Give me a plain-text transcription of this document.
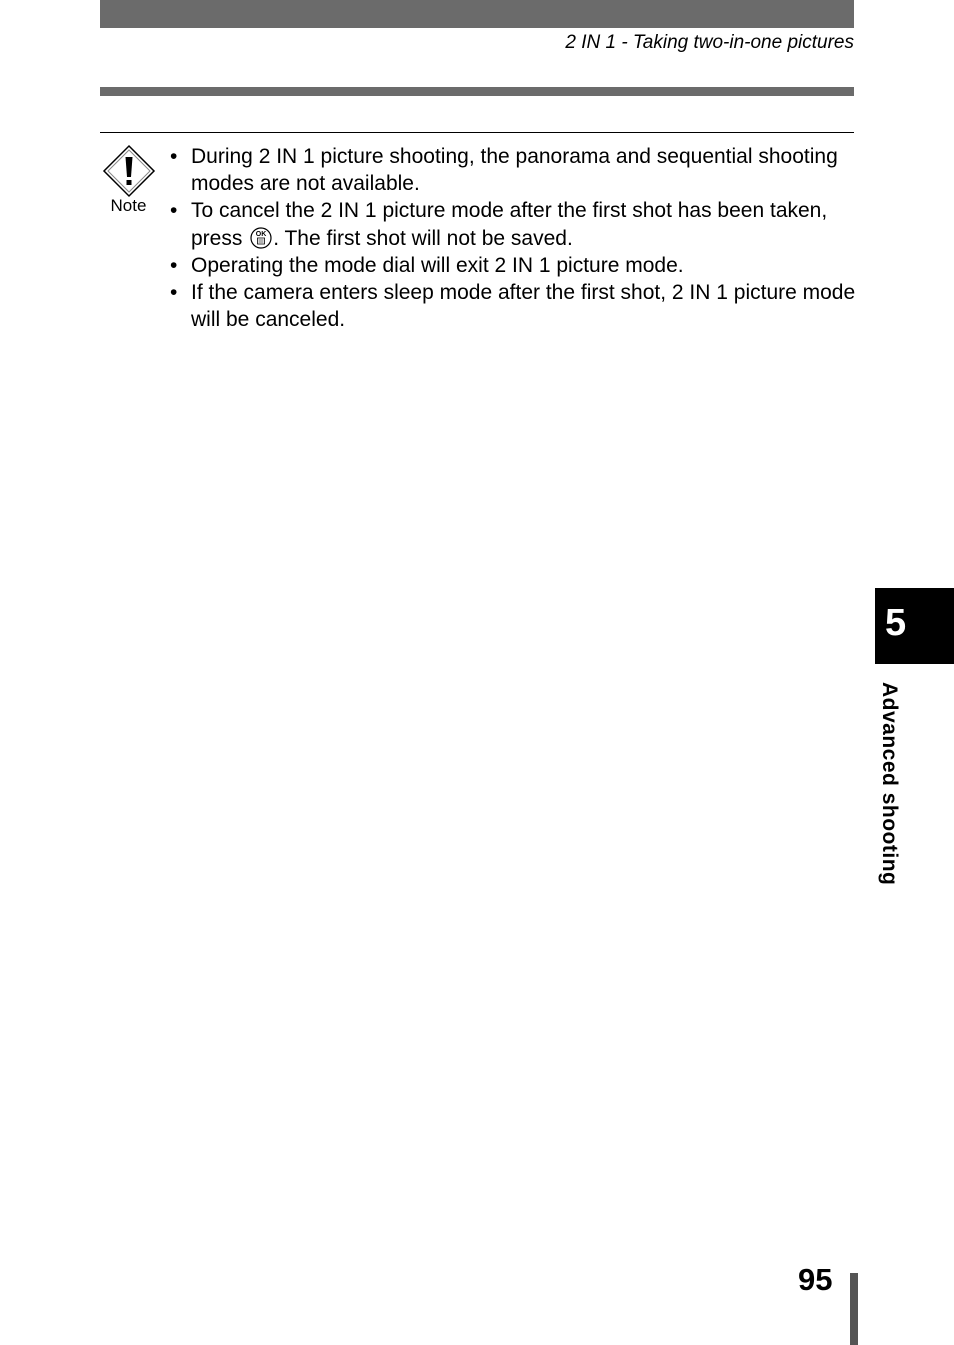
2 IN 1 - Taking two-in-one pictures
Note
• During 2 IN 1 picture shooting, the panorama and sequential shooting modes are not available.
• To cancel the 2 IN 1 picture mode after the first shot has been taken, press OK . The first shot will not be saved.
• Operating the mode dial will exit 2 IN 1 picture mode.
• If the camera enters sleep mode after the first shot, 2 IN 1 picture mode will be canceled.
5
Advanced shooting
95
